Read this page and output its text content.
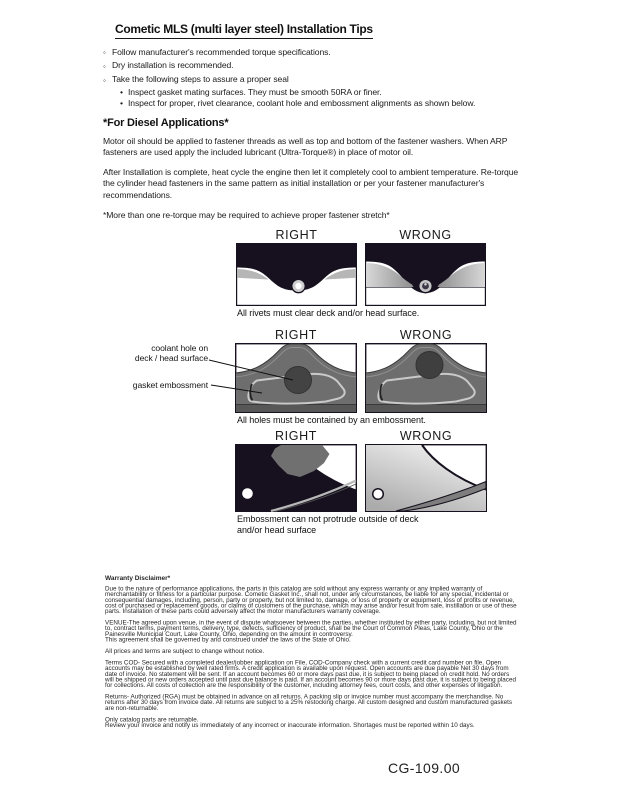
Cometic MLS (multi layer steel) Installation Tips
◦ Follow manufacturer's recommended torque specifications.
◦ Dry installation is recommended.
◦ Take the following steps to assure a proper seal
• Inspect gasket mating surfaces. They must be smooth 50RA or finer.
• Inspect for proper, rivet clearance, coolant hole and embossment alignments as shown below.
*For Diesel Applications*

Motor oil should be applied to fastener threads as well as top and bottom of the fastener washers. When ARP fasteners are used apply the included lubricant (Ultra-Torque®) in place of motor oil.

After Installation is complete, heat cycle the engine then let it completely cool to ambient temperature. Re-torque the cylinder head fasteners in the same pattern as initial installation or per your fastener manufacturer's recommendations.

*More than one re-torque may be required to achieve proper fastener stretch*

RIGHT	WRONG
All rivets must clear deck and/or head surface.
RIGHT	WRONG
All holes must be contained by an embossment.
coolant hole on
deck / head surface
gasket embossment
RIGHT	WRONG
Embossment can not protrude outside of deck
and/or head surface
Warranty Disclaimer*

Due to the nature of performance applications, the parts in this catalog are sold without any express warranty or any implied warranty of merchantability or fitness for a particular purpose. Cometic Gasket Inc., shall not, under any circumstances, be liable for any special, incidental or consequential damages, including, person, party or property, but not limited to, damage, or loss of property or equipment, loss of profits or revenue, cost of purchased or replacement goods, or claims of customers of the purchase, which may arise and/or result from sale, instillation or use of these parts. Installation of these parts could adversely affect the motor manufacturers warranty coverage.

VENUE-The agreed upon venue, in the event of dispute whatsoever between the parties, whether instituted by either party, including, but not limited to, contract terms, payment terms, delivery, type, defects, sufficiency of product, shall be the Court of Common Pleas, Lake County, Ohio or the Painesville Municipal Court, Lake County, Ohio, depending on the amount in controversy.

This agreement shall be governed by and construed under the laws of the State of Ohio.

All prices and terms are subject to change without notice.

Terms COD- Secured with a completed dealer/jobber application on File, COD-Company check with a current credit card number on file. Open accounts may be established by well rated firms. A credit application is available upon request. Open accounts are due payable Net 30 days from date of invoice. No statement will be sent. If an account becomes 60 or more days past due, it is subject to being placed on credit hold. No orders will be shipped or new orders accepted until past due balance is paid. If an account becomes 90 or more days past due, it is subject to being placed for collections. All costs of collection are the responsibility of the customer, including attorney fees, court costs, and other expenses of litigation.

Returns- Authorized (RGA) must be obtained in advance on all returns. A packing slip or invoice number must accompany the merchandise. No returns after 30 days from invoice date. All returns are subject to a 25% restocking charge. All custom designed and custom manufactured gaskets are non-returnable.

Only catalog parts are returnable.

Review your invoice and notify us immediately of any incorrect or inaccurate information. Shortages must be reported within 10 days.

CG-109.00
